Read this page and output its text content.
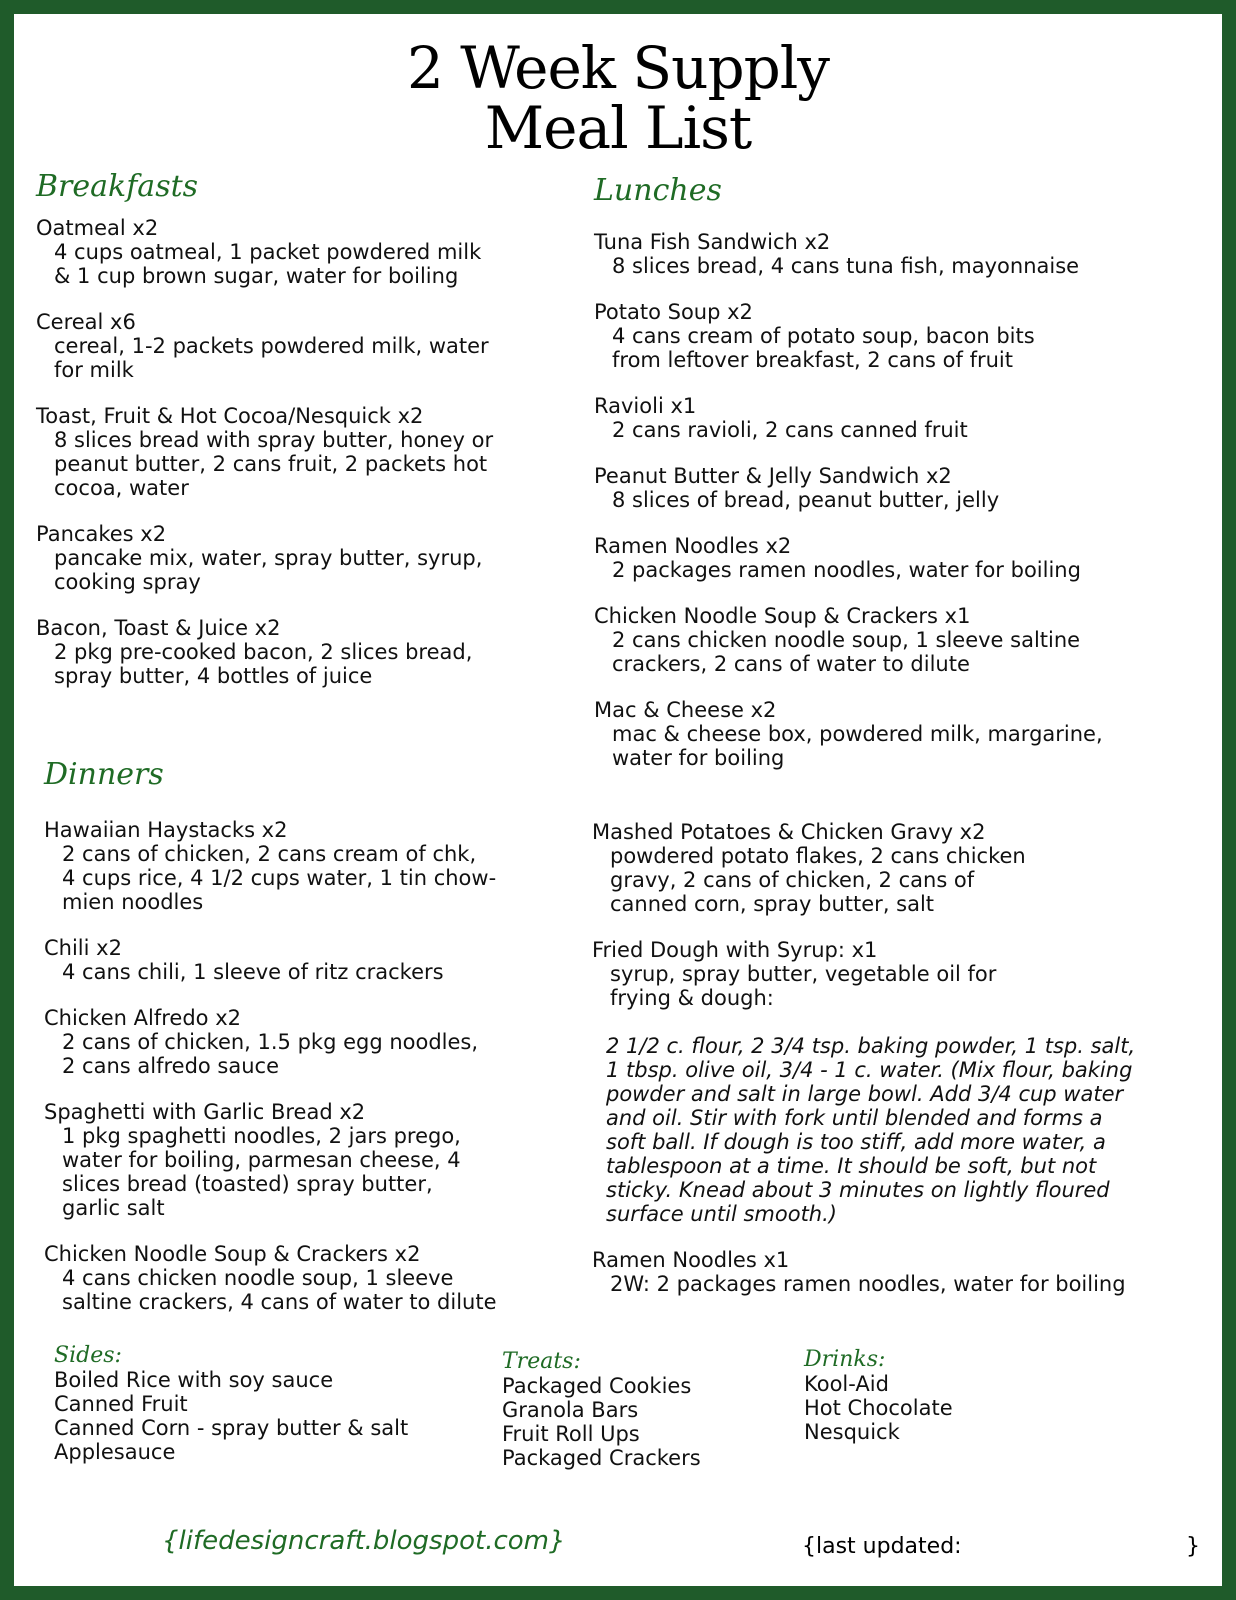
2 Week Supply
Meal List
Breakfasts
Oatmeal x2
4 cups oatmeal, 1 packet powdered milk
& 1 cup brown sugar, water for boiling
Cereal x6
cereal, 1-2 packets powdered milk, water
for milk
Toast, Fruit & Hot Cocoa/Nesquick x2
8 slices bread with spray butter, honey or
peanut butter, 2 cans fruit, 2 packets hot
cocoa, water
Pancakes x2
pancake mix, water, spray butter, syrup,
cooking spray
Bacon, Toast & Juice x2
2 pkg pre-cooked bacon, 2 slices bread,
spray butter, 4 bottles of juice
Lunches
Tuna Fish Sandwich x2
8 slices bread, 4 cans tuna fish, mayonnaise
Potato Soup x2
4 cans cream of potato soup, bacon bits
from leftover breakfast, 2 cans of fruit
Ravioli x1
2 cans ravioli, 2 cans canned fruit
Peanut Butter & Jelly Sandwich x2
8 slices of bread, peanut butter, jelly
Ramen Noodles x2
2 packages ramen noodles, water for boiling
Chicken Noodle Soup & Crackers x1
2 cans chicken noodle soup, 1 sleeve saltine
crackers, 2 cans of water to dilute
Mac & Cheese x2
mac & cheese box, powdered milk, margarine,
water for boiling
Dinners
Hawaiian Haystacks x2
2 cans of chicken, 2 cans cream of chk,
4 cups rice, 4 1/2 cups water, 1 tin chow-
mien noodles
Chili x2
4 cans chili, 1 sleeve of ritz crackers
Chicken Alfredo x2
2 cans of chicken, 1.5 pkg egg noodles,
2 cans alfredo sauce
Spaghetti with Garlic Bread x2
1 pkg spaghetti noodles, 2 jars prego,
water for boiling, parmesan cheese, 4
slices bread (toasted) spray butter,
garlic salt
Chicken Noodle Soup & Crackers x2
4 cans chicken noodle soup, 1 sleeve
saltine crackers, 4 cans of water to dilute
Mashed Potatoes & Chicken Gravy x2
powdered potato flakes, 2 cans chicken
gravy, 2 cans of chicken, 2 cans of
canned corn, spray butter, salt
Fried Dough with Syrup: x1
syrup, spray butter, vegetable oil for
frying & dough:
2 1/2 c. flour, 2 3/4 tsp. baking powder, 1 tsp. salt,
1 tbsp. olive oil, 3/4 - 1 c. water. (Mix flour, baking
powder and salt in large bowl. Add 3/4 cup water
and oil. Stir with fork until blended and forms a
soft ball. If dough is too stiff, add more water, a
tablespoon at a time. It should be soft, but not
sticky. Knead about 3 minutes on lightly floured
surface until smooth.)
Ramen Noodles x1
2W: 2 packages ramen noodles, water for boiling
Sides:
Boiled Rice with soy sauce
Canned Fruit
Canned Corn - spray butter & salt
Applesauce
Treats:
Packaged Cookies
Granola Bars
Fruit Roll Ups
Packaged Crackers
Drinks:
Kool-Aid
Hot Chocolate
Nesquick
{lifedesigncraft.blogspot.com}	{last updated:	}
